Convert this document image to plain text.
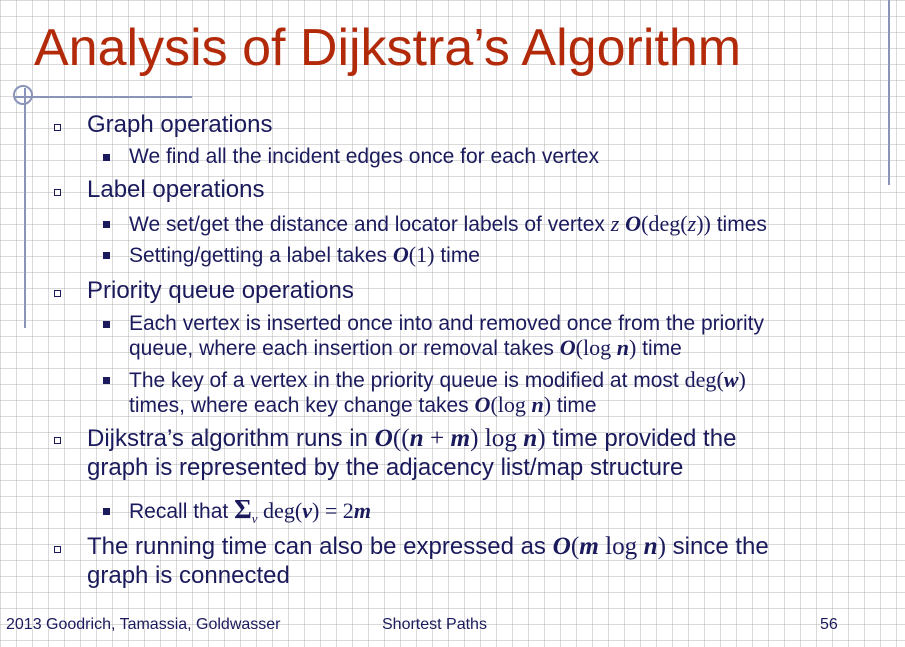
Analysis of Dijkstra’s Algorithm
Graph operations
We find all the incident edges once for each vertex
Label operations
We set/get the distance and locator labels of vertex z O(deg(z)) times
Setting/getting a label takes O(1) time
Priority queue operations
Each vertex is inserted once into and removed once from the priority
queue, where each insertion or removal takes O(log n) time
The key of a vertex in the priority queue is modified at most deg(w)
times, where each key change takes O(log n) time
Dijkstra’s algorithm runs in O((n + m) log n) time provided the
graph is represented by the adjacency list/map structure
Recall that $\Sigma_v$ deg(v) = 2m
The running time can also be expressed as O(m log n) since the
graph is connected
2013 Goodrich, Tamassia, Goldwasser	Shortest Paths	56
